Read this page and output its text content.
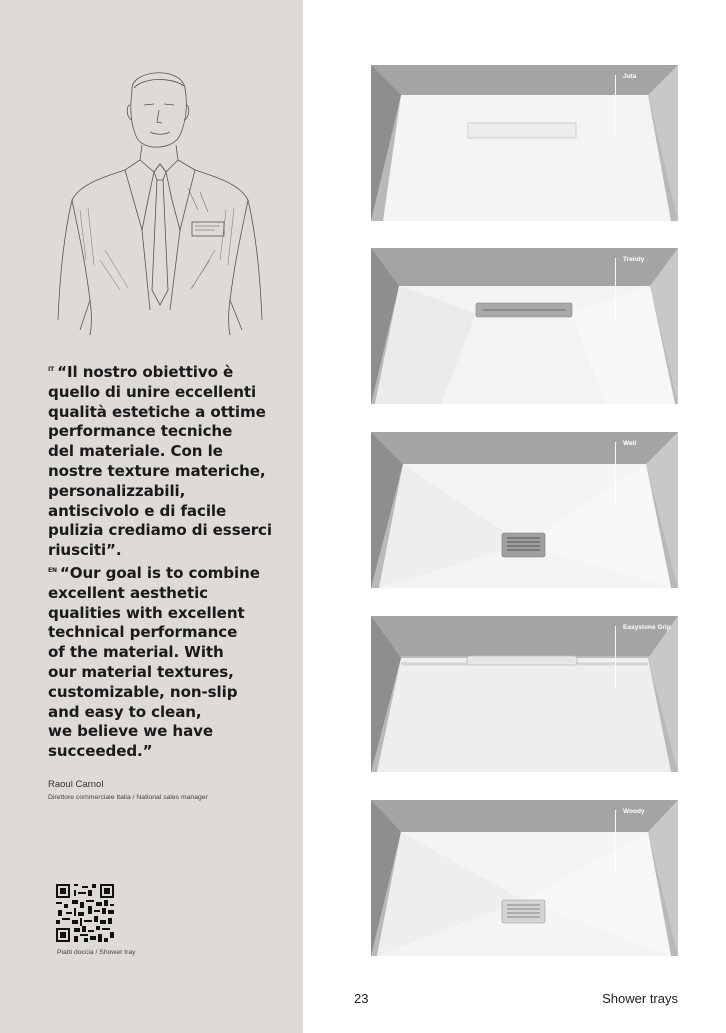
$^{IT}$ “Il nostro obiettivo è
quello di unire eccellenti
qualità estetiche a ottime
performance tecniche
del materiale. Con le
nostre texture materiche,
personalizzabili,
antiscivolo e di facile
pulizia crediamo di esserci
riusciti”.
$^{EN}$ “Our goal is to combine
excellent aesthetic
qualities with excellent
technical performance
of the material. With
our material textures,
customizable, non-slip
and easy to clean,
we believe we have
succeeded.”
Raoul Carnol
Direttore commerciale Italia / National sales manager
Piatti doccia / Shower tray
Juta
Trendy
Well
Easystone Grip
Woody
23	Shower trays
